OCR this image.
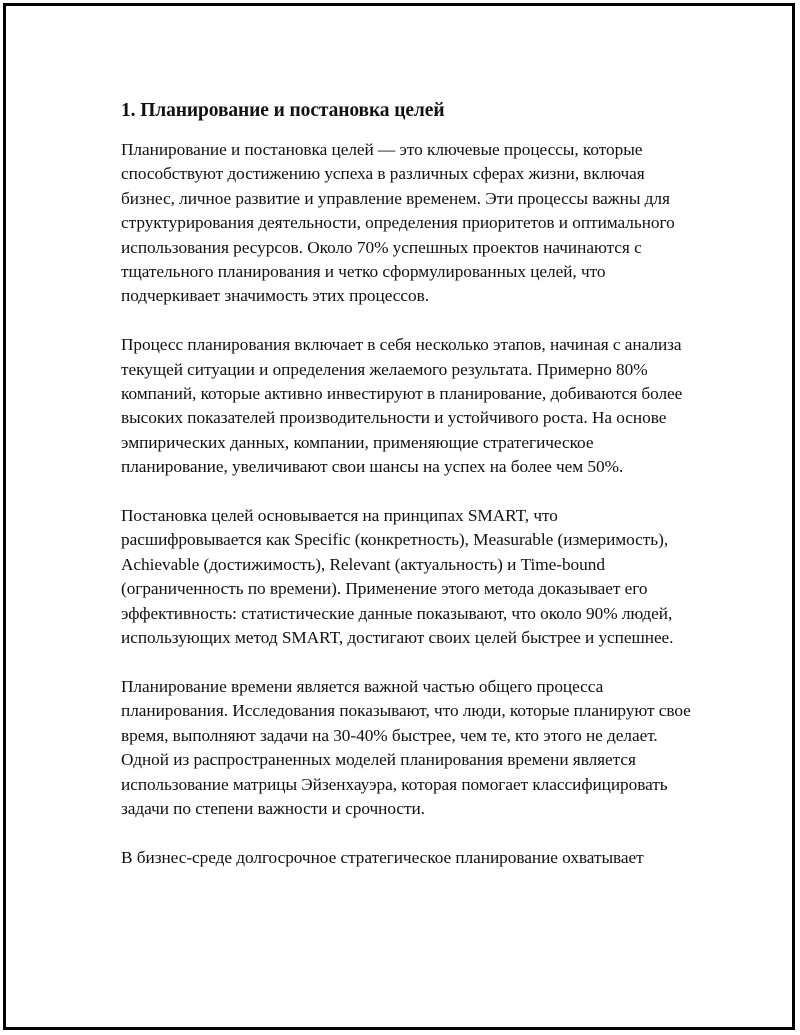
1. Планирование и постановка целей

Планирование и постановка целей — это ключевые процессы, которые способствуют достижению успеха в различных сферах жизни, включая бизнес, личное развитие и управление временем. Эти процессы важны для структурирования деятельности, определения приоритетов и оптимального использования ресурсов. Около 70% успешных проектов начинаются с тщательного планирования и четко сформулированных целей, что подчеркивает значимость этих процессов.

Процесс планирования включает в себя несколько этапов, начиная с анализа текущей ситуации и определения желаемого результата. Примерно 80% компаний, которые активно инвестируют в планирование, добиваются более высоких показателей производительности и устойчивого роста. На основе эмпирических данных, компании, применяющие стратегическое планирование, увеличивают свои шансы на успех на более чем 50%.

Постановка целей основывается на принципах SMART, что расшифровывается как Specific (конкретность), Measurable (измеримость), Achievable (достижимость), Relevant (актуальность) и Time-bound (ограниченность по времени). Применение этого метода доказывает его эффективность: статистические данные показывают, что около 90% людей, использующих метод SMART, достигают своих целей быстрее и успешнее.

Планирование времени является важной частью общего процесса планирования. Исследования показывают, что люди, которые планируют свое время, выполняют задачи на 30-40% быстрее, чем те, кто этого не делает. Одной из распространенных моделей планирования времени является использование матрицы Эйзенхауэра, которая помогает классифицировать задачи по степени важности и срочности.

В бизнес-среде долгосрочное стратегическое планирование охватывает
